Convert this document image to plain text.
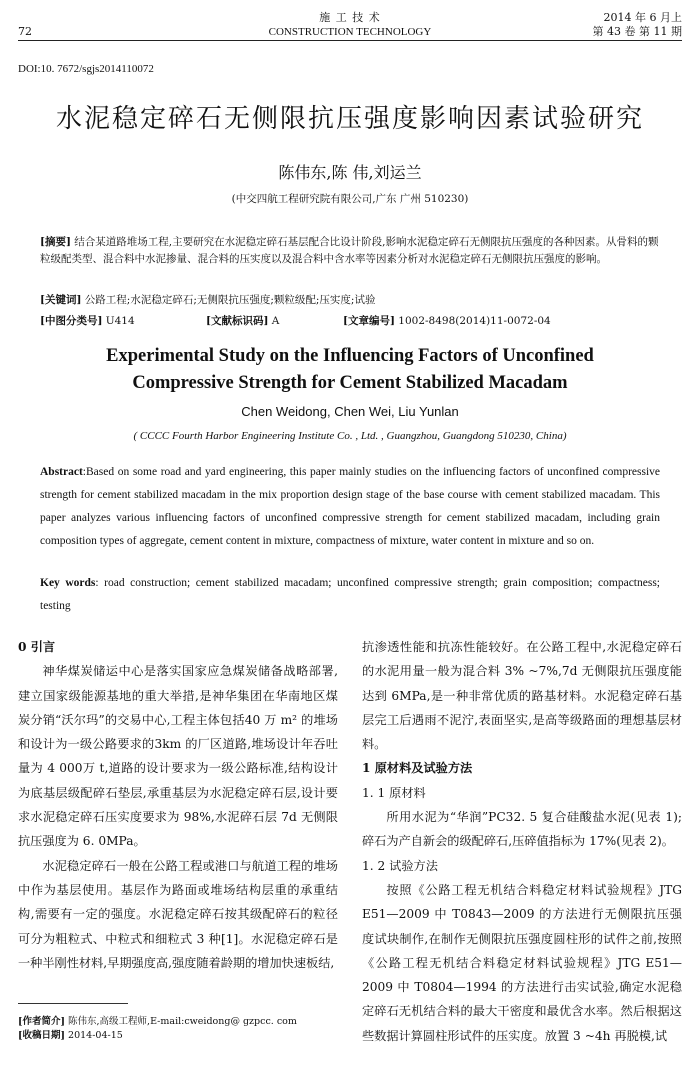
72
施 工 技 术
CONSTRUCTION TECHNOLOGY
2014 年 6 月上
第 43 卷 第 11 期
DOI:10. 7672/sgjs2014110072
水泥稳定碎石无侧限抗压强度影响因素试验研究
陈伟东,陈 伟,刘运兰
(中交四航工程研究院有限公司,广东 广州 510230)
[摘要] 结合某道路堆场工程,主要研究在水泥稳定碎石基层配合比设计阶段,影响水泥稳定碎石无侧限抗压强度的各种因素。从骨料的颗粒级配类型、混合料中水泥掺量、混合料的压实度以及混合料中含水率等因素分析对水泥稳定碎石无侧限抗压强度的影响。
[关键词] 公路工程;水泥稳定碎石;无侧限抗压强度;颗粒级配;压实度;试验
[中图分类号] U414	[文献标识码] A	[文章编号] 1002-8498(2014)11-0072-04
Experimental Study on the Influencing Factors of Unconfined
Compressive Strength for Cement Stabilized Macadam
Chen Weidong, Chen Wei, Liu Yunlan
( CCCC Fourth Harbor Engineering Institute Co. , Ltd. , Guangzhou, Guangdong 510230, China)
Abstract:Based on some road and yard engineering, this paper mainly studies on the influencing factors of unconfined compressive strength for cement stabilized macadam in the mix proportion design stage of the base course with cement stabilized macadam. This paper analyzes various influencing factors of unconfined compressive strength for cement stabilized macadam, including grain composition types of aggregate, cement content in mixture, compactness of mixture, water content in mixture and so on.
Key words: road construction; cement stabilized macadam; unconfined compressive strength; grain composition; compactness; testing

0 引言

神华煤炭储运中心是落实国家应急煤炭储备战略部署,建立国家级能源基地的重大举措,是神华集团在华南地区煤炭分销“沃尔玛”的交易中心,工程主体包括40 万 m² 的堆场和设计为一级公路要求的3km 的厂区道路,堆场设计年吞吐量为 4 000万 t,道路的设计要求为一级公路标准,结构设计为底基层级配碎石垫层,承重基层为水泥稳定碎石层,设计要求水泥稳定碎石压实度要求为 98%,水泥碎石层 7d 无侧限抗压强度为 6. 0MPa。

水泥稳定碎石一般在公路工程或港口与航道工程的堆场中作为基层使用。基层作为路面或堆场结构层重的承重结构,需要有一定的强度。水泥稳定碎石按其级配碎石的粒径可分为粗粒式、中粒式和细粒式 3 种[1]。水泥稳定碎石是一种半刚性材料,早期强度高,强度随着龄期的增加快速板结,

抗渗透性能和抗冻性能较好。在公路工程中,水泥稳定碎石的水泥用量一般为混合料 3% ~7%,7d 无侧限抗压强度能达到 6MPa,是一种非常优质的路基材料。水泥稳定碎石基层完工后遇雨不泥泞,表面坚实,是高等级路面的理想基层材料。

1 原材料及试验方法

1. 1 原材料

所用水泥为“华润”PC32. 5 复合硅酸盐水泥(见表 1);碎石为产自新会的级配碎石,压碎值指标为 17%(见表 2)。

1. 2 试验方法

按照《公路工程无机结合料稳定材料试验规程》JTG E51—2009 中 T0843—2009 的方法进行无侧限抗压强度试块制作,在制作无侧限抗压强度圆柱形的试件之前,按照《公路工程无机结合料稳定材料试验规程》JTG E51—2009 中 T0804—1994 的方法进行击实试验,确定水泥稳定碎石无机结合料的最大干密度和最优含水率。然后根据这些数据计算圆柱形试件的压实度。放置 3 ~4h 再脱模,试

[作者简介] 陈伟东,高级工程师,E-mail:cweidong@ gzpcc. com
[收稿日期] 2014-04-15
